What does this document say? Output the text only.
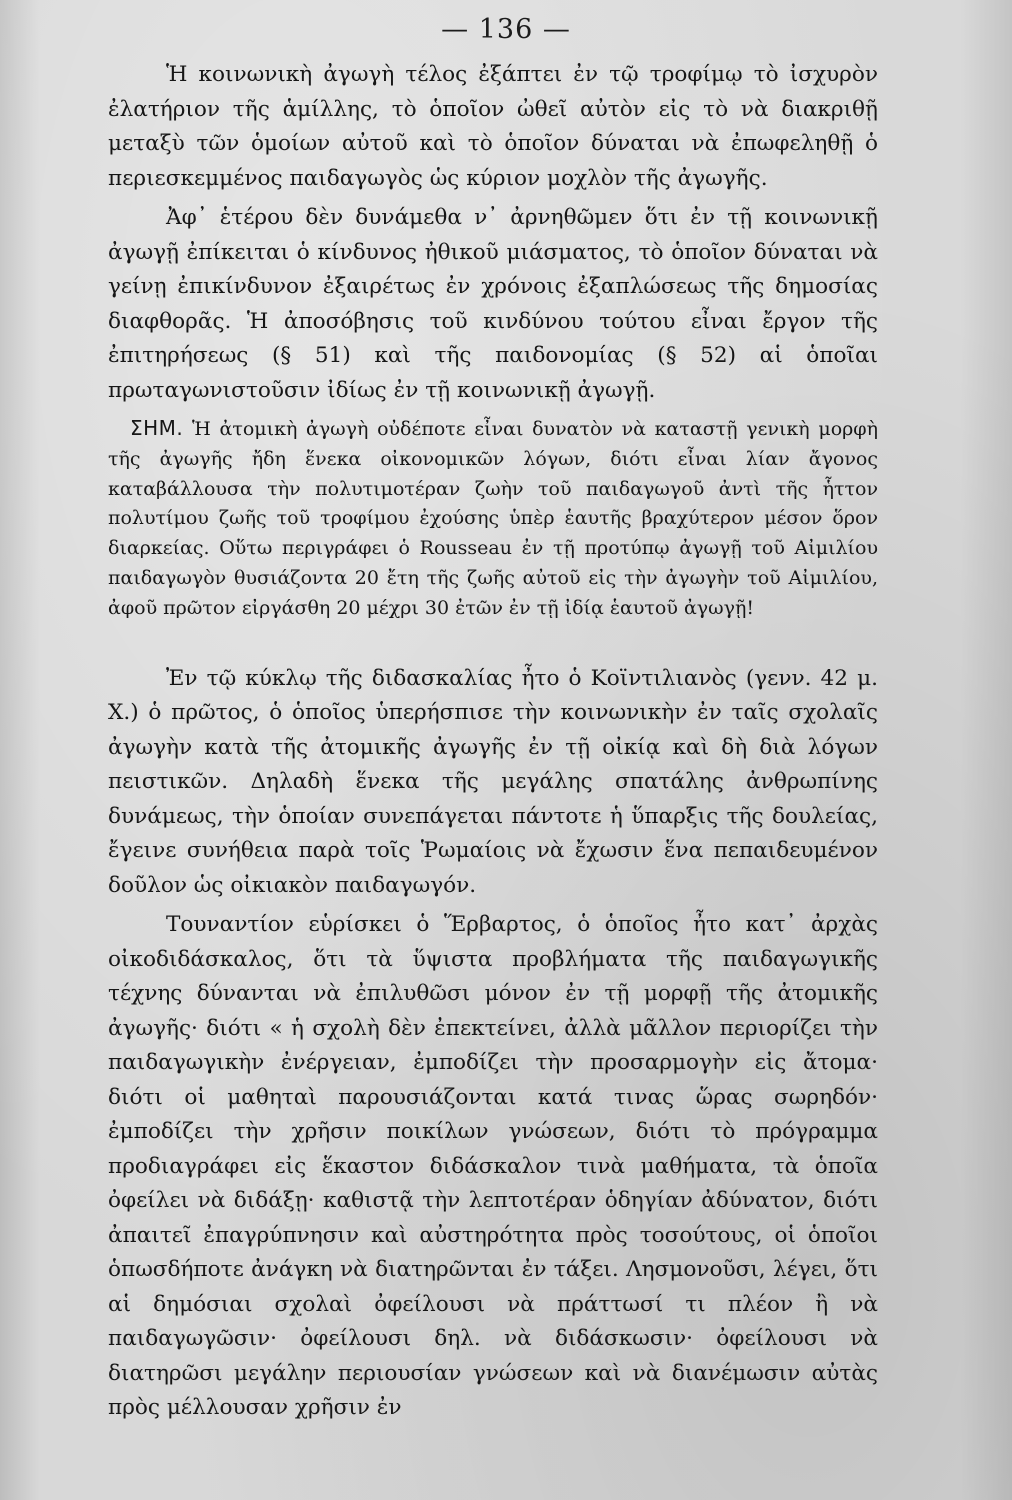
— 136 —

Ἡ κοινωνικὴ ἀγωγὴ τέλος ἐξάπτει ἐν τῷ τροφίμῳ τὸ ἰσχυρὸν ἐλατήριον τῆς ἁμίλλης, τὸ ὁποῖον ὠθεῖ αὐτὸν εἰς τὸ νὰ διακριθῇ μεταξὺ τῶν ὁμοίων αὐτοῦ καὶ τὸ ὁποῖον δύναται νὰ ἐπωφεληθῇ ὁ περιεσκεμμένος παιδαγωγὸς ὡς κύριον μοχλὸν τῆς ἀγωγῆς.

Ἀφ᾽ ἑτέρου δὲν δυνάμεθα ν᾽ ἀρνηθῶμεν ὅτι ἐν τῇ κοινωνικῇ ἀγωγῇ ἐπίκειται ὁ κίνδυνος ἠθικοῦ μιάσματος, τὸ ὁποῖον δύναται νὰ γείνῃ ἐπικίνδυνον ἐξαιρέτως ἐν χρόνοις ἐξαπλώσεως τῆς δημοσίας διαφθορᾶς. Ἡ ἀποσόβησις τοῦ κινδύνου τούτου εἶναι ἔργον τῆς ἐπιτηρήσεως (§ 51) καὶ τῆς παιδονομίας (§ 52) αἱ ὁποῖαι πρωταγωνιστοῦσιν ἰδίως ἐν τῇ κοινωνικῇ ἀγωγῇ.

ΣΗΜ. Ἡ ἀτομικὴ ἀγωγὴ οὐδέποτε εἶναι δυνατὸν νὰ καταστῇ γενικὴ μορφὴ τῆς ἀγωγῆς ἤδη ἕνεκα οἰκονομικῶν λόγων, διότι εἶναι λίαν ἄγονος καταβάλλουσα τὴν πολυτιμοτέραν ζωὴν τοῦ παιδαγωγοῦ ἀντὶ τῆς ἧττον πολυτίμου ζωῆς τοῦ τροφίμου ἐχούσης ὑπὲρ ἑαυτῆς βραχύτερον μέσον ὅρον διαρκείας. Οὕτω περιγράφει ὁ Rousseau ἐν τῇ προτύπῳ ἀγωγῇ τοῦ Αἰμιλίου παιδαγωγὸν θυσιάζοντα 20 ἔτη τῆς ζωῆς αὐτοῦ εἰς τὴν ἀγωγὴν τοῦ Αἰμιλίου, ἀφοῦ πρῶτον εἰργάσθη 20 μέχρι 30 ἐτῶν ἐν τῇ ἰδίᾳ ἑαυτοῦ ἀγωγῇ!

Ἐν τῷ κύκλῳ τῆς διδασκαλίας ἦτο ὁ Κοϊντιλιανὸς (γενν. 42 μ. Χ.) ὁ πρῶτος, ὁ ὁποῖος ὑπερήσπισε τὴν κοινωνικὴν ἐν ταῖς σχολαῖς ἀγωγὴν κατὰ τῆς ἀτομικῆς ἀγωγῆς ἐν τῇ οἰκίᾳ καὶ δὴ διὰ λόγων πειστικῶν. Δηλαδὴ ἕνεκα τῆς μεγάλης σπατάλης ἀνθρωπίνης δυνάμεως, τὴν ὁποίαν συνεπάγεται πάντοτε ἡ ὕπαρξις τῆς δουλείας, ἔγεινε συνήθεια παρὰ τοῖς Ῥωμαίοις νὰ ἔχωσιν ἕνα πεπαιδευμένον δοῦλον ὡς οἰκιακὸν παιδαγωγόν.

Τουναντίον εὑρίσκει ὁ Ἕρβαρτος, ὁ ὁποῖος ἦτο κατ᾽ ἀρχὰς οἰκοδιδάσκαλος, ὅτι τὰ ὕψιστα προβλήματα τῆς παιδαγωγικῆς τέχνης δύνανται νὰ ἐπιλυθῶσι μόνον ἐν τῇ μορφῇ τῆς ἀτομικῆς ἀγωγῆς· διότι « ἡ σχολὴ δὲν ἐπεκτείνει, ἀλλὰ μᾶλλον περιορίζει τὴν παιδαγωγικὴν ἐνέργειαν, ἐμποδίζει τὴν προσαρμογὴν εἰς ἄτομα· διότι οἱ μαθηταὶ παρουσιάζονται κατά τινας ὥρας σωρηδόν· ἐμποδίζει τὴν χρῆσιν ποικίλων γνώσεων, διότι τὸ πρόγραμμα προδιαγράφει εἰς ἕκαστον διδάσκαλον τινὰ μαθήματα, τὰ ὁποῖα ὀφείλει νὰ διδάξῃ· καθιστᾷ τὴν λεπτοτέραν ὁδηγίαν ἀδύνατον, διότι ἀπαιτεῖ ἐπαγρύπνησιν καὶ αὐστηρότητα πρὸς τοσούτους, οἱ ὁποῖοι ὁπωσδήποτε ἀνάγκη νὰ διατηρῶνται ἐν τάξει. Λησμονοῦσι, λέγει, ὅτι αἱ δημόσιαι σχολαὶ ὀφείλουσι νὰ πράττωσί τι πλέον ἢ νὰ παιδαγωγῶσιν· ὀφείλουσι δηλ. νὰ διδάσκωσιν· ὀφείλουσι νὰ διατηρῶσι μεγάλην περιουσίαν γνώσεων καὶ νὰ διανέμωσιν αὐτὰς πρὸς μέλλουσαν χρῆσιν ἐν
